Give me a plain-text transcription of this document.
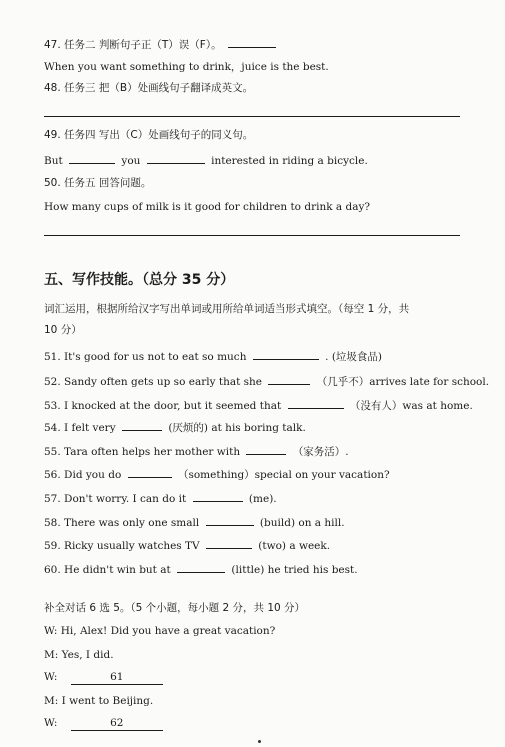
47. 任务二 判断句子正（T）误（F）。
When you want something to drink，juice is the best.
48. 任务三 把（B）处画线句子翻译成英文。
49. 任务四 写出（C）处画线句子的同义句。
But	you	interested in riding a bicycle.
50. 任务五 回答问题。
How many cups of milk is it good for children to drink a day?
五、写作技能。（总分 35 分）
词汇运用，根据所给汉字写出单词或用所给单词适当形式填空。（每空 1 分，共
10 分）
51. It's good for us not to eat so much	. (垃圾食品)
52. Sandy often gets up so early that she	（几乎不）arrives late for school.
53. I knocked at the door, but it seemed that	（没有人）was at home.
54. I felt very	(厌烦的) at his boring talk.
55. Tara often helps her mother with	（家务活）.
56. Did you do	（something）special on your vacation?
57. Don't worry. I can do it	(me).
58. There was only one small	(build) on a hill.
59. Ricky usually watches TV	(two) a week.
60. He didn't win but at	(little) he tried his best.
补全对话 6 选 5。（5 个小题，每小题 2 分，共 10 分）
W: Hi, Alex! Did you have a great vacation?
M: Yes, I did.
W:	61
M: I went to Beijing.
W:	62
